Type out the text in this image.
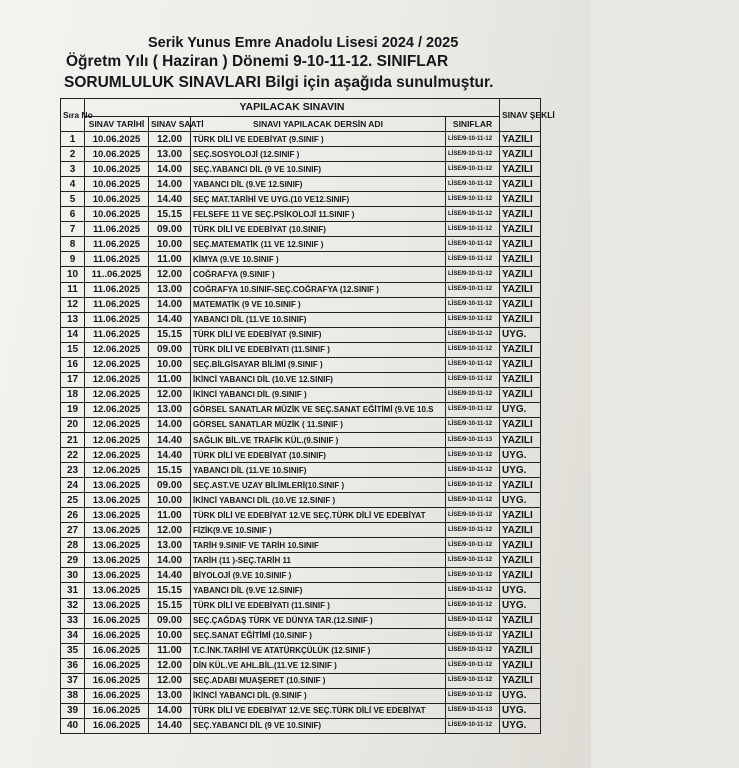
Serik Yunus Emre Anadolu Lisesi 2024 / 2025
Öğretm Yılı ( Haziran ) Dönemi 9-10-11-12. SINIFLAR
SORUMLULUK SINAVLARI Bilgi için aşağıda sunulmuştur.
Sıra No	YAPILACAK SINAVIN				SINAV ŞEKLİ
	SINAV TARİHİ	SINAV SAATİ	SINAVI YAPILACAK DERSİN ADI	SINIFLAR	
1	10.06.2025	12.00	TÜRK DİLİ VE EDEBİYAT (9.SINIF )	LİSE/9-10-11-12	YAZILI
2	10.06.2025	13.00	SEÇ.SOSYOLOJİ (12.SINIF )	LİSE/9-10-11-12	YAZILI
3	10.06.2025	14.00	SEÇ.YABANCI DİL (9 VE 10.SINIF)	LİSE/9-10-11-12	YAZILI
4	10.06.2025	14.00	YABANCI DİL (9.VE 12.SINIF)	LİSE/9-10-11-12	YAZILI
5	10.06.2025	14.40	SEÇ MAT.TARİHİ VE UYG.(10 VE12.SINIF)	LİSE/9-10-11-12	YAZILI
6	10.06.2025	15.15	FELSEFE 11 VE SEÇ.PSİKOLOJİ 11.SINIF )	LİSE/9-10-11-12	YAZILI
7	11.06.2025	09.00	TÜRK DİLİ VE EDEBİYAT (10.SINIF)	LİSE/9-10-11-12	YAZILI
8	11.06.2025	10.00	SEÇ.MATEMATİK (11 VE 12.SINIF )	LİSE/9-10-11-12	YAZILI
9	11.06.2025	11.00	KİMYA (9.VE 10.SINIF )	LİSE/9-10-11-12	YAZILI
10	11..06.2025	12.00	COĞRAFYA (9.SINIF )	LİSE/9-10-11-12	YAZILI
11	11.06.2025	13.00	COĞRAFYA 10.SINIF-SEÇ.COĞRAFYA (12.SINIF )	LİSE/9-10-11-12	YAZILI
12	11.06.2025	14.00	MATEMATİK (9 VE 10.SINIF )	LİSE/9-10-11-12	YAZILI
13	11.06.2025	14.40	YABANCI DİL (11.VE 10.SINIF)	LİSE/9-10-11-12	YAZILI
14	11.06.2025	15.15	TÜRK DİLİ VE EDEBİYAT (9.SINIF)	LİSE/9-10-11-12	UYG.
15	12.06.2025	09.00	TÜRK DİLİ VE EDEBİYATI (11.SINIF )	LİSE/9-10-11-12	YAZILI
16	12.06.2025	10.00	SEÇ.BİLGİSAYAR BİLİMİ (9.SINIF )	LİSE/9-10-11-12	YAZILI
17	12.06.2025	11.00	İKİNCİ YABANCI DİL (10.VE 12.SINIF)	LİSE/9-10-11-12	YAZILI
18	12.06.2025	12.00	İKİNCİ YABANCI DİL (9.SINIF )	LİSE/9-10-11-12	YAZILI
19	12.06.2025	13.00	GÖRSEL SANATLAR MÜZİK VE SEÇ.SANAT EĞİTİMİ (9.VE 10.S	LİSE/9-10-11-12	UYG.
20	12.06.2025	14.00	GÖRSEL SANATLAR MÜZİK ( 11.SINIF )	LİSE/9-10-11-12	YAZILI
21	12.06.2025	14.40	SAĞLIK BİL.VE TRAFİK KÜL.(9.SINIF )	LİSE/9-10-11-13	YAZILI
22	12.06.2025	14.40	TÜRK DİLİ VE EDEBİYAT (10.SINIF)	LİSE/9-10-11-12	UYG.
23	12.06.2025	15.15	YABANCI DİL (11.VE 10.SINIF)	LİSE/9-10-11-12	UYG.
24	13.06.2025	09.00	SEÇ.AST.VE UZAY BİLİMLERİ(10.SINIF )	LİSE/9-10-11-12	YAZILI
25	13.06.2025	10.00	İKİNCİ YABANCI DİL (10.VE 12.SINIF )	LİSE/9-10-11-12	UYG.
26	13.06.2025	11.00	TÜRK DİLİ VE EDEBİYAT 12.VE SEÇ.TÜRK DİLİ VE EDEBİYAT	LİSE/9-10-11-12	YAZILI
27	13.06.2025	12.00	FİZİK(9.VE 10.SINIF )	LİSE/9-10-11-12	YAZILI
28	13.06.2025	13.00	TARİH 9.SINIF VE TARİH 10.SINIF	LİSE/9-10-11-12	YAZILI
29	13.06.2025	14.00	TARİH (11 )-SEÇ.TARİH 11	LİSE/9-10-11-12	YAZILI
30	13.06.2025	14.40	BİYOLOJİ (9.VE 10.SINIF )	LİSE/9-10-11-12	YAZILI
31	13.06.2025	15.15	YABANCI DİL (9.VE 12.SINIF)	LİSE/9-10-11-12	UYG.
32	13.06.2025	15.15	TÜRK DİLİ VE EDEBİYATI (11.SINIF )	LİSE/9-10-11-12	UYG.
33	16.06.2025	09.00	SEÇ.ÇAĞDAŞ TÜRK VE DÜNYA TAR.(12.SINIF )	LİSE/9-10-11-12	YAZILI
34	16.06.2025	10.00	SEÇ.SANAT EĞİTİMİ (10.SINIF )	LİSE/9-10-11-12	YAZILI
35	16.06.2025	11.00	T.C.İNK.TARİHİ VE ATATÜRKÇÜLÜK (12.SINIF )	LİSE/9-10-11-12	YAZILI
36	16.06.2025	12.00	DİN KÜL.VE AHL.BİL.(11.VE 12.SINIF )	LİSE/9-10-11-12	YAZILI
37	16.06.2025	12.00	SEÇ.ADABI MUAŞERET (10.SINIF )	LİSE/9-10-11-12	YAZILI
38	16.06.2025	13.00	İKİNCİ YABANCI DİL (9.SINIF )	LİSE/9-10-11-12	UYG.
39	16.06.2025	14.00	TÜRK DİLİ VE EDEBİYAT 12.VE SEÇ.TÜRK DİLİ VE EDEBİYAT	LİSE/9-10-11-13	UYG.
40	16.06.2025	14.40	SEÇ.YABANCI DİL (9 VE 10.SINIF)	LİSE/9-10-11-12	UYG.
